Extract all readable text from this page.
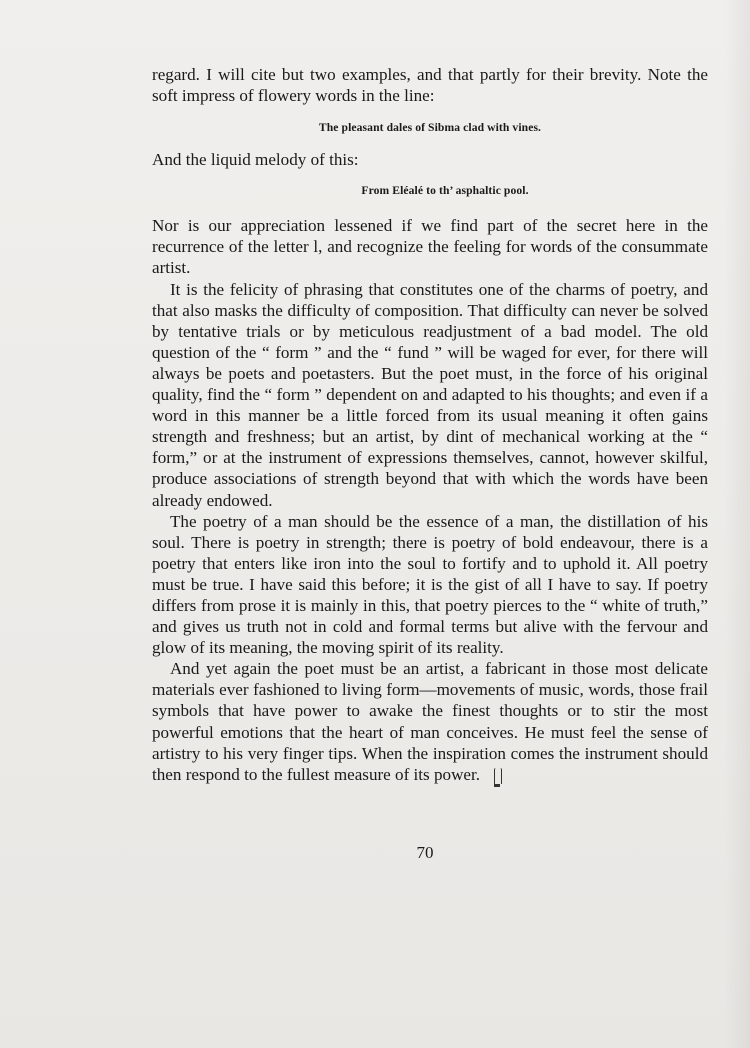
regard. I will cite but two examples, and that partly for their brevity. Note the soft impress of flowery words in the line:

The pleasant dales of Sibma clad with vines.

And the liquid melody of this:

From Eléalé to th’ asphaltic pool.

Nor is our appreciation lessened if we find part of the secret here in the recurrence of the letter l, and recognize the feeling for words of the consummate artist.

It is the felicity of phrasing that constitutes one of the charms of poetry, and that also masks the difficulty of composition. That difficulty can never be solved by tentative trials or by meticulous readjustment of a bad model. The old question of the “ form ” and the “ fund ” will be waged for ever, for there will always be poets and poetasters. But the poet must, in the force of his original quality, find the “ form ” dependent on and adapted to his thoughts; and even if a word in this manner be a little forced from its usual meaning it often gains strength and freshness; but an artist, by dint of mechanical working at the “ form,” or at the instrument of expressions themselves, cannot, however skilful, produce associations of strength beyond that with which the words have been already endowed.

The poetry of a man should be the essence of a man, the distillation of his soul. There is poetry in strength; there is poetry of bold endeavour, there is a poetry that enters like iron into the soul to fortify and to uphold it. All poetry must be true. I have said this before; it is the gist of all I have to say. If poetry differs from prose it is mainly in this, that poetry pierces to the “ white of truth,” and gives us truth not in cold and formal terms but alive with the fervour and glow of its meaning, the moving spirit of its reality.

And yet again the poet must be an artist, a fabricant in those most delicate materials ever fashioned to living form—movements of music, words, those frail symbols that have power to awake the finest thoughts or to stir the most powerful emotions that the heart of man conceives. He must feel the sense of artistry to his very finger tips. When the inspiration comes the instrument should then respond to the fullest measure of its power.

70
